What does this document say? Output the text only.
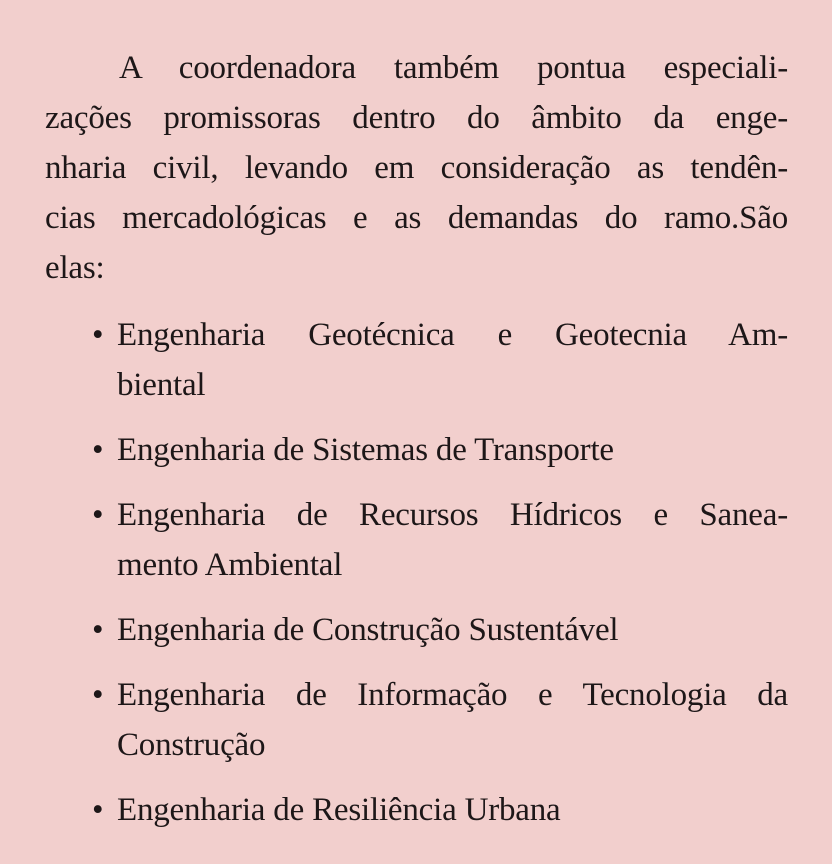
A coordenadora também pontua especiali-
zações promissoras dentro do âmbito da enge-
nharia civil, levando em consideração as tendên-
cias mercadológicas e as demandas do ramo.São
elas:
• Engenharia Geotécnica e Geotecnia Am-
biental
• Engenharia de Sistemas de Transporte
• Engenharia de Recursos Hídricos e Sanea-
mento Ambiental
• Engenharia de Construção Sustentável
• Engenharia de Informação e Tecnologia da
Construção
• Engenharia de Resiliência Urbana
